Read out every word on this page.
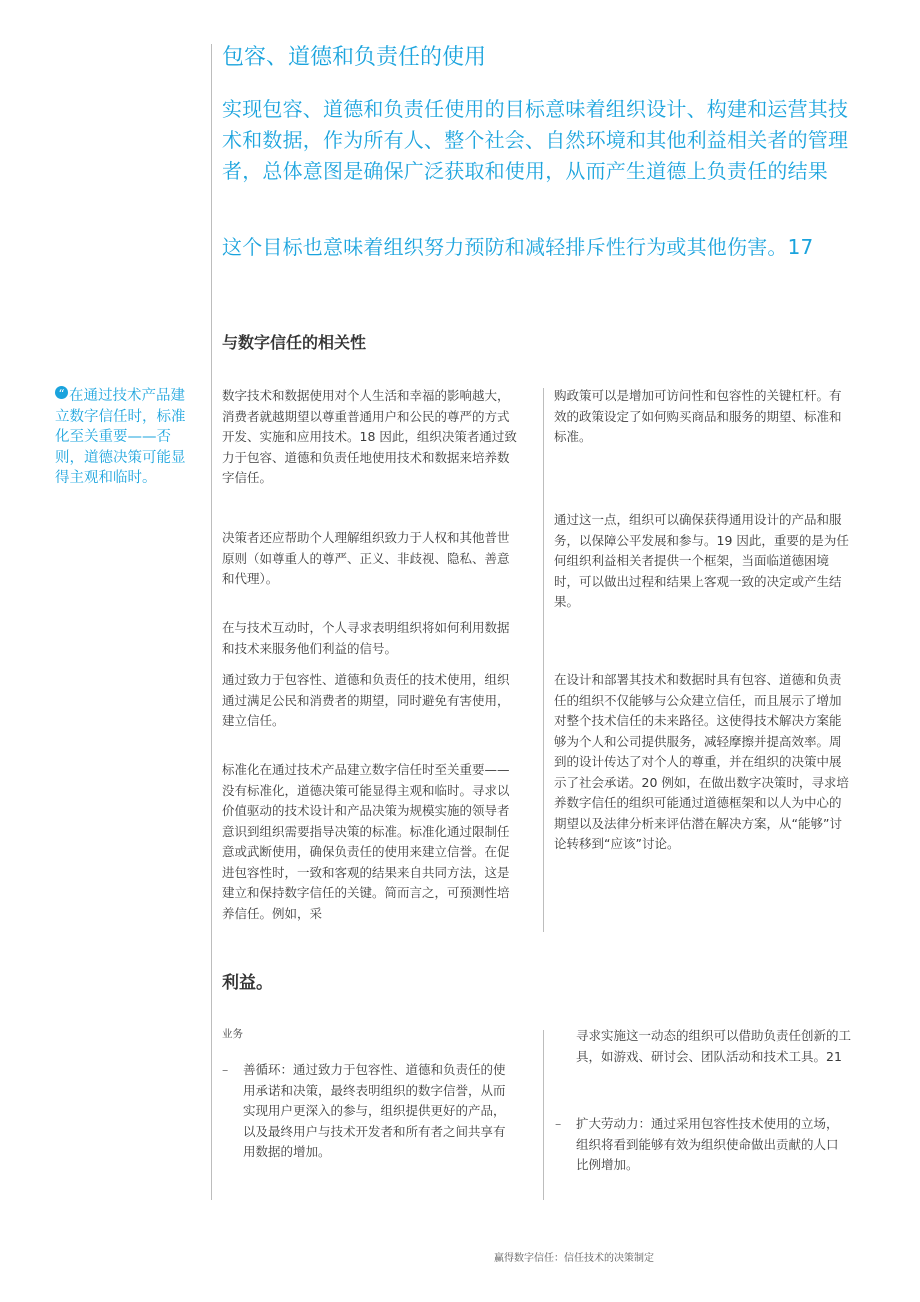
包容、道德和负责任的使用

实现包容、道德和负责任使用的目标意味着组织设计、构建和运营其技术和数据，作为所有人、整个社会、自然环境和其他利益相关者的管理者，总体意图是确保广泛获取和使用，从而产生道德上负责任的结果

这个目标也意味着组织努力预防和减轻排斥性行为或其他伤害。17

与数字信任的相关性
“ 在通过技术产品建立数字信任时，标准化至关重要——否则，道德决策可能显得主观和临时。

数字技术和数据使用对个人生活和幸福的影响越大，消费者就越期望以尊重普通用户和公民的尊严的方式开发、实施和应用技术。18 因此，组织决策者通过致力于包容、道德和负责任地使用技术和数据来培养数字信任。

决策者还应帮助个人理解组织致力于人权和其他普世原则（如尊重人的尊严、正义、非歧视、隐私、善意和代理）。

在与技术互动时，个人寻求表明组织将如何利用数据和技术来服务他们利益的信号。

通过致力于包容性、道德和负责任的技术使用，组织通过满足公民和消费者的期望，同时避免有害使用，建立信任。

标准化在通过技术产品建立数字信任时至关重要——没有标准化，道德决策可能显得主观和临时。寻求以价值驱动的技术设计和产品决策为规模实施的领导者意识到组织需要指导决策的标准。标准化通过限制任意或武断使用，确保负责任的使用来建立信誉。在促进包容性时，一致和客观的结果来自共同方法，这是建立和保持数字信任的关键。简而言之，可预测性培养信任。例如，采

购政策可以是增加可访问性和包容性的关键杠杆。有效的政策设定了如何购买商品和服务的期望、标准和标准。

通过这一点，组织可以确保获得通用设计的产品和服务，以保障公平发展和参与。19 因此，重要的是为任何组织利益相关者提供一个框架，当面临道德困境时，可以做出过程和结果上客观一致的决定或产生结果。

在设计和部署其技术和数据时具有包容、道德和负责任的组织不仅能够与公众建立信任，而且展示了增加对整个技术信任的未来路径。这使得技术解决方案能够为个人和公司提供服务，减轻摩擦并提高效率。周到的设计传达了对个人的尊重，并在组织的决策中展示了社会承诺。20 例如，在做出数字决策时，寻求培养数字信任的组织可能通过道德框架和以人为中心的期望以及法律分析来评估潜在解决方案，从“能够”讨论转移到“应该”讨论。

利益。
业务
– 善循环：通过致力于包容性、道德和负责任的使用承诺和决策，最终表明组织的数字信誉，从而实现用户更深入的参与，组织提供更好的产品，以及最终用户与技术开发者和所有者之间共享有用数据的增加。
寻求实施这一动态的组织可以借助负责任创新的工具，如游戏、研讨会、团队活动和技术工具。21
– 扩大劳动力：通过采用包容性技术使用的立场，组织将看到能够有效为组织使命做出贡献的人口比例增加。
赢得数字信任：信任技术的决策制定
